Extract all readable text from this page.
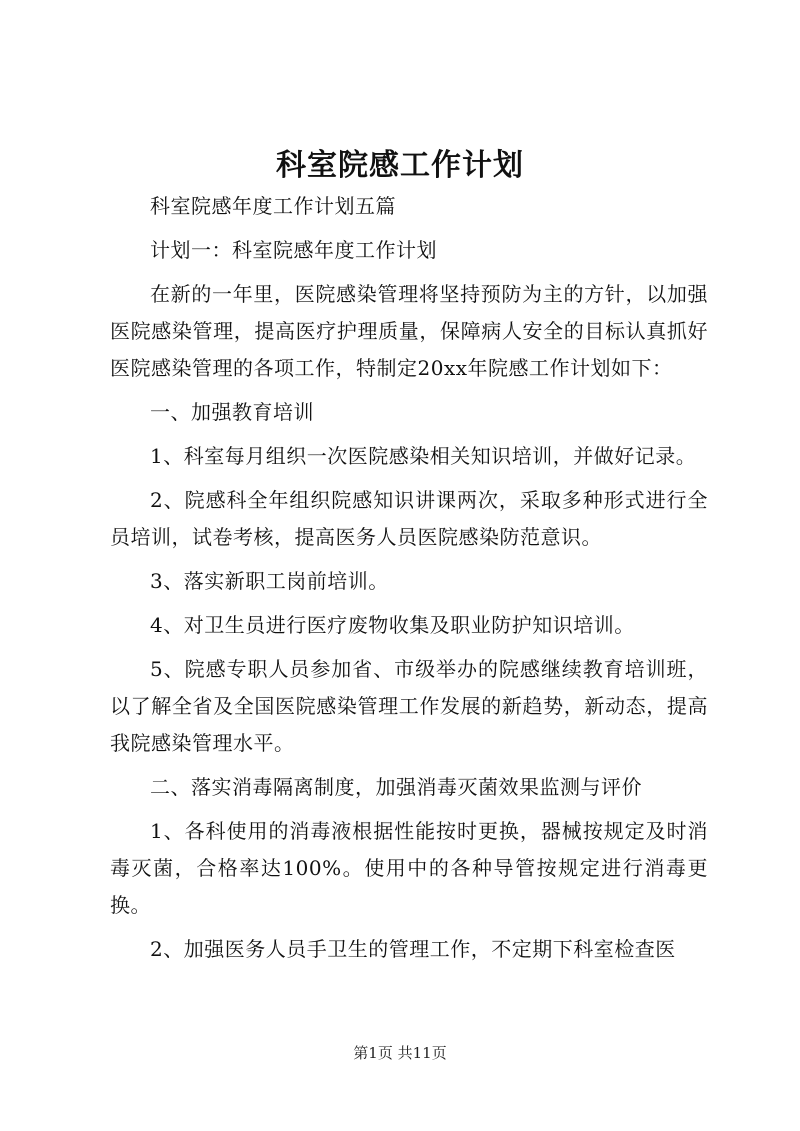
科室院感工作计划

科室院感年度工作计划五篇

计划一：科室院感年度工作计划

在新的一年里，医院感染管理将坚持预防为主的方针，以加强医院感染管理，提高医疗护理质量，保障病人安全的目标认真抓好医院感染管理的各项工作，特制定20xx年院感工作计划如下：

一、加强教育培训

1、科室每月组织一次医院感染相关知识培训，并做好记录。

2、院感科全年组织院感知识讲课两次，采取多种形式进行全员培训，试卷考核，提高医务人员医院感染防范意识。

3、落实新职工岗前培训。

4、对卫生员进行医疗废物收集及职业防护知识培训。

5、院感专职人员参加省、市级举办的院感继续教育培训班，以了解全省及全国医院感染管理工作发展的新趋势，新动态，提高我院感染管理水平。

二、落实消毒隔离制度，加强消毒灭菌效果监测与评价

1、各科使用的消毒液根据性能按时更换，器械按规定及时消毒灭菌，合格率达100%。使用中的各种导管按规定进行消毒更换。

2、加强医务人员手卫生的管理工作，不定期下科室检查医

第1页 共11页
